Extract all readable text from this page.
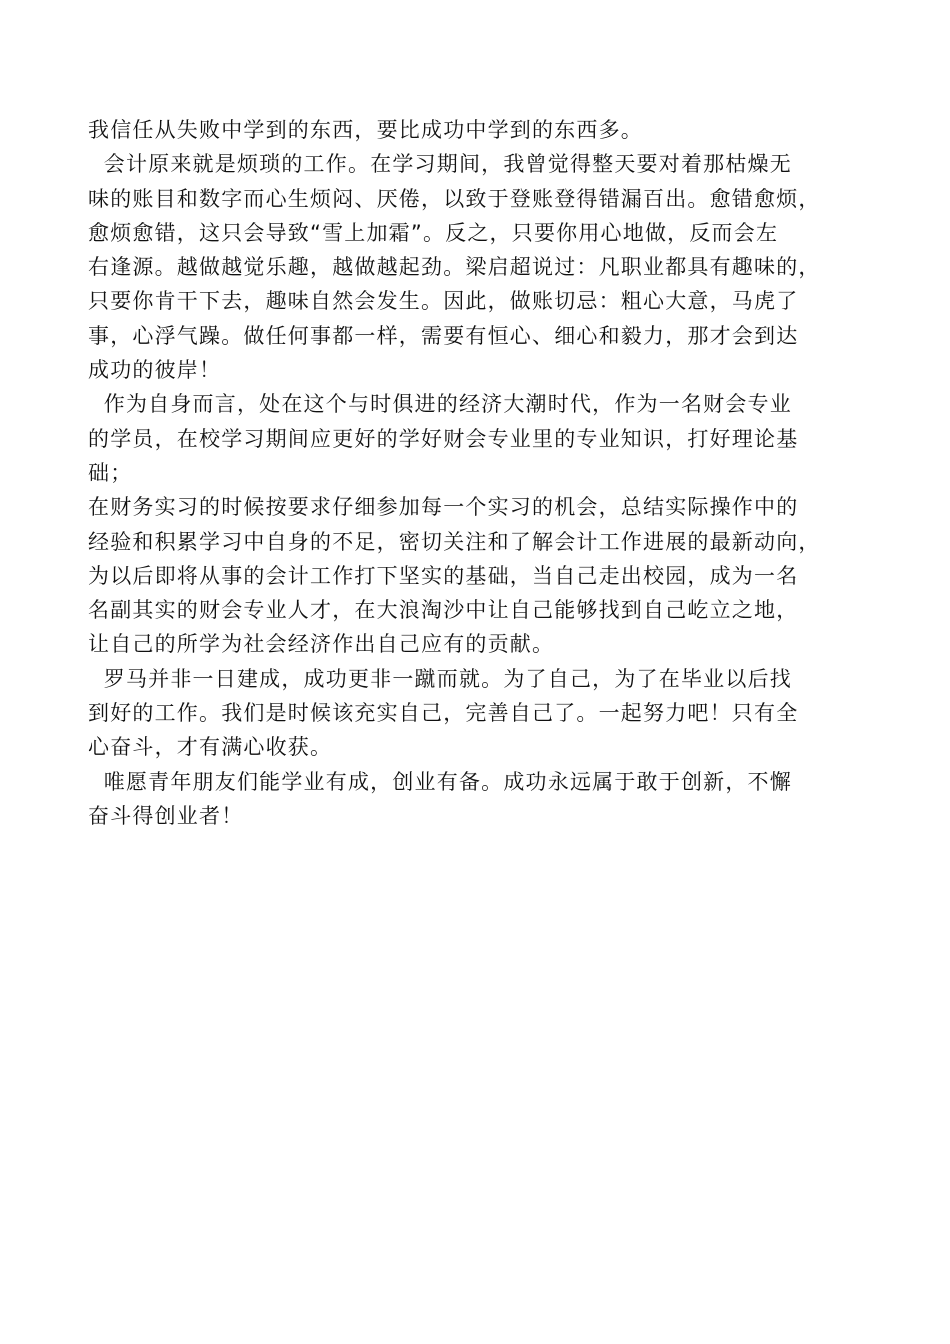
我信任从失败中学到的东西，要比成功中学到的东西多。
会计原来就是烦琐的工作。在学习期间，我曾觉得整天要对着那枯燥无
味的账目和数字而心生烦闷、厌倦，以致于登账登得错漏百出。愈错愈烦，
愈烦愈错，这只会导致“雪上加霜”。反之，只要你用心地做，反而会左
右逢源。越做越觉乐趣，越做越起劲。梁启超说过：凡职业都具有趣味的，
只要你肯干下去，趣味自然会发生。因此，做账切忌：粗心大意，马虎了
事，心浮气躁。做任何事都一样，需要有恒心、细心和毅力，那才会到达
成功的彼岸！
作为自身而言，处在这个与时俱进的经济大潮时代，作为一名财会专业
的学员，在校学习期间应更好的学好财会专业里的专业知识，打好理论基
础；
在财务实习的时候按要求仔细参加每一个实习的机会，总结实际操作中的
经验和积累学习中自身的不足，密切关注和了解会计工作进展的最新动向，
为以后即将从事的会计工作打下坚实的基础，当自己走出校园，成为一名
名副其实的财会专业人才，在大浪淘沙中让自己能够找到自己屹立之地，
让自己的所学为社会经济作出自己应有的贡献。
罗马并非一日建成，成功更非一蹴而就。为了自己，为了在毕业以后找
到好的工作。我们是时候该充实自己，完善自己了。一起努力吧！只有全
心奋斗，才有满心收获。
唯愿青年朋友们能学业有成，创业有备。成功永远属于敢于创新，不懈
奋斗得创业者！
